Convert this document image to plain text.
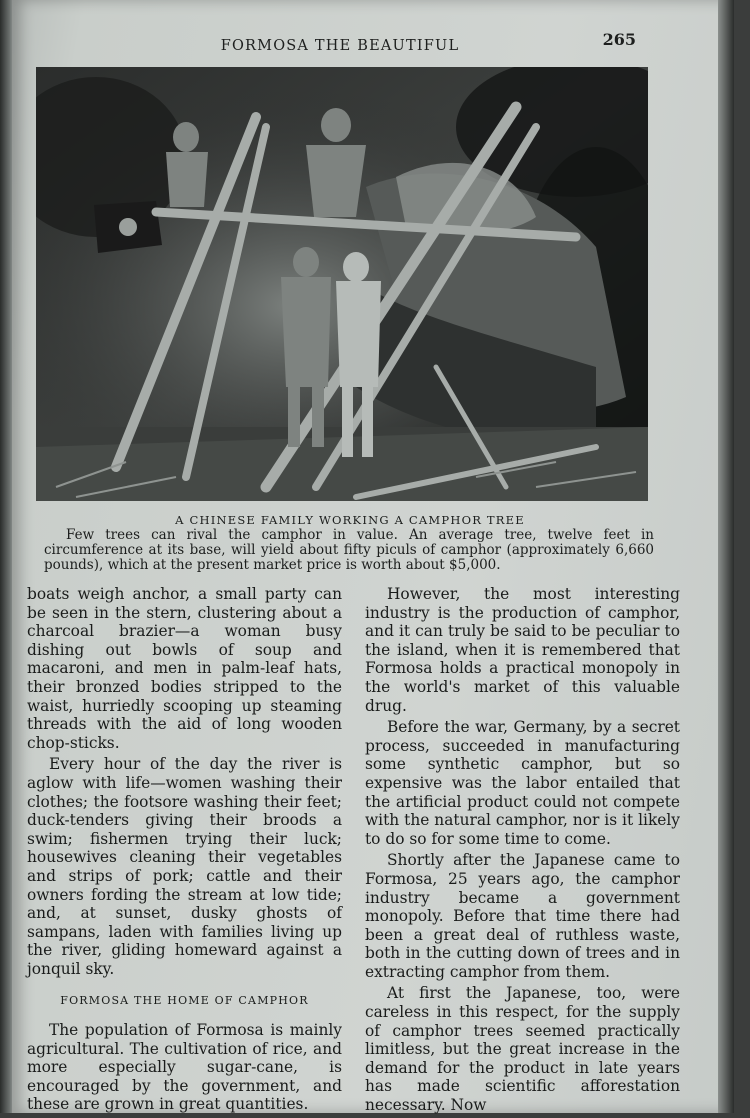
FORMOSA THE BEAUTIFUL	265
A CHINESE FAMILY WORKING A CAMPHOR TREE

Few trees can rival the camphor in value. An average tree, twelve feet in circumference at its base, will yield about fifty piculs of camphor (approximately 6,660 pounds), which at the present market price is worth about $5,000.

boats weigh anchor, a small party can be seen in the stern, clustering about a charcoal brazier—a woman busy dishing out bowls of soup and macaroni, and men in palm-leaf hats, their bronzed bodies stripped to the waist, hurriedly scooping up steaming threads with the aid of long wooden chop-sticks.

Every hour of the day the river is aglow with life—women washing their clothes; the footsore washing their feet; duck-tenders giving their broods a swim; fishermen trying their luck; housewives cleaning their vegetables and strips of pork; cattle and their owners fording the stream at low tide; and, at sunset, dusky ghosts of sampans, laden with families living up the river, gliding homeward against a jonquil sky.

FORMOSA THE HOME OF CAMPHOR

The population of Formosa is mainly agricultural. The cultivation of rice, and more especially sugar-cane, is encouraged by the government, and these are grown in great quantities.

However, the most interesting industry is the production of camphor, and it can truly be said to be peculiar to the island, when it is remembered that Formosa holds a practical monopoly in the world's market of this valuable drug.

Before the war, Germany, by a secret process, succeeded in manufacturing some synthetic camphor, but so expensive was the labor entailed that the artificial product could not compete with the natural camphor, nor is it likely to do so for some time to come.

Shortly after the Japanese came to Formosa, 25 years ago, the camphor industry became a government monopoly. Before that time there had been a great deal of ruthless waste, both in the cutting down of trees and in extracting camphor from them.

At first the Japanese, too, were careless in this respect, for the supply of camphor trees seemed practically limitless, but the great increase in the demand for the product in late years has made scientific afforestation necessary. Now
